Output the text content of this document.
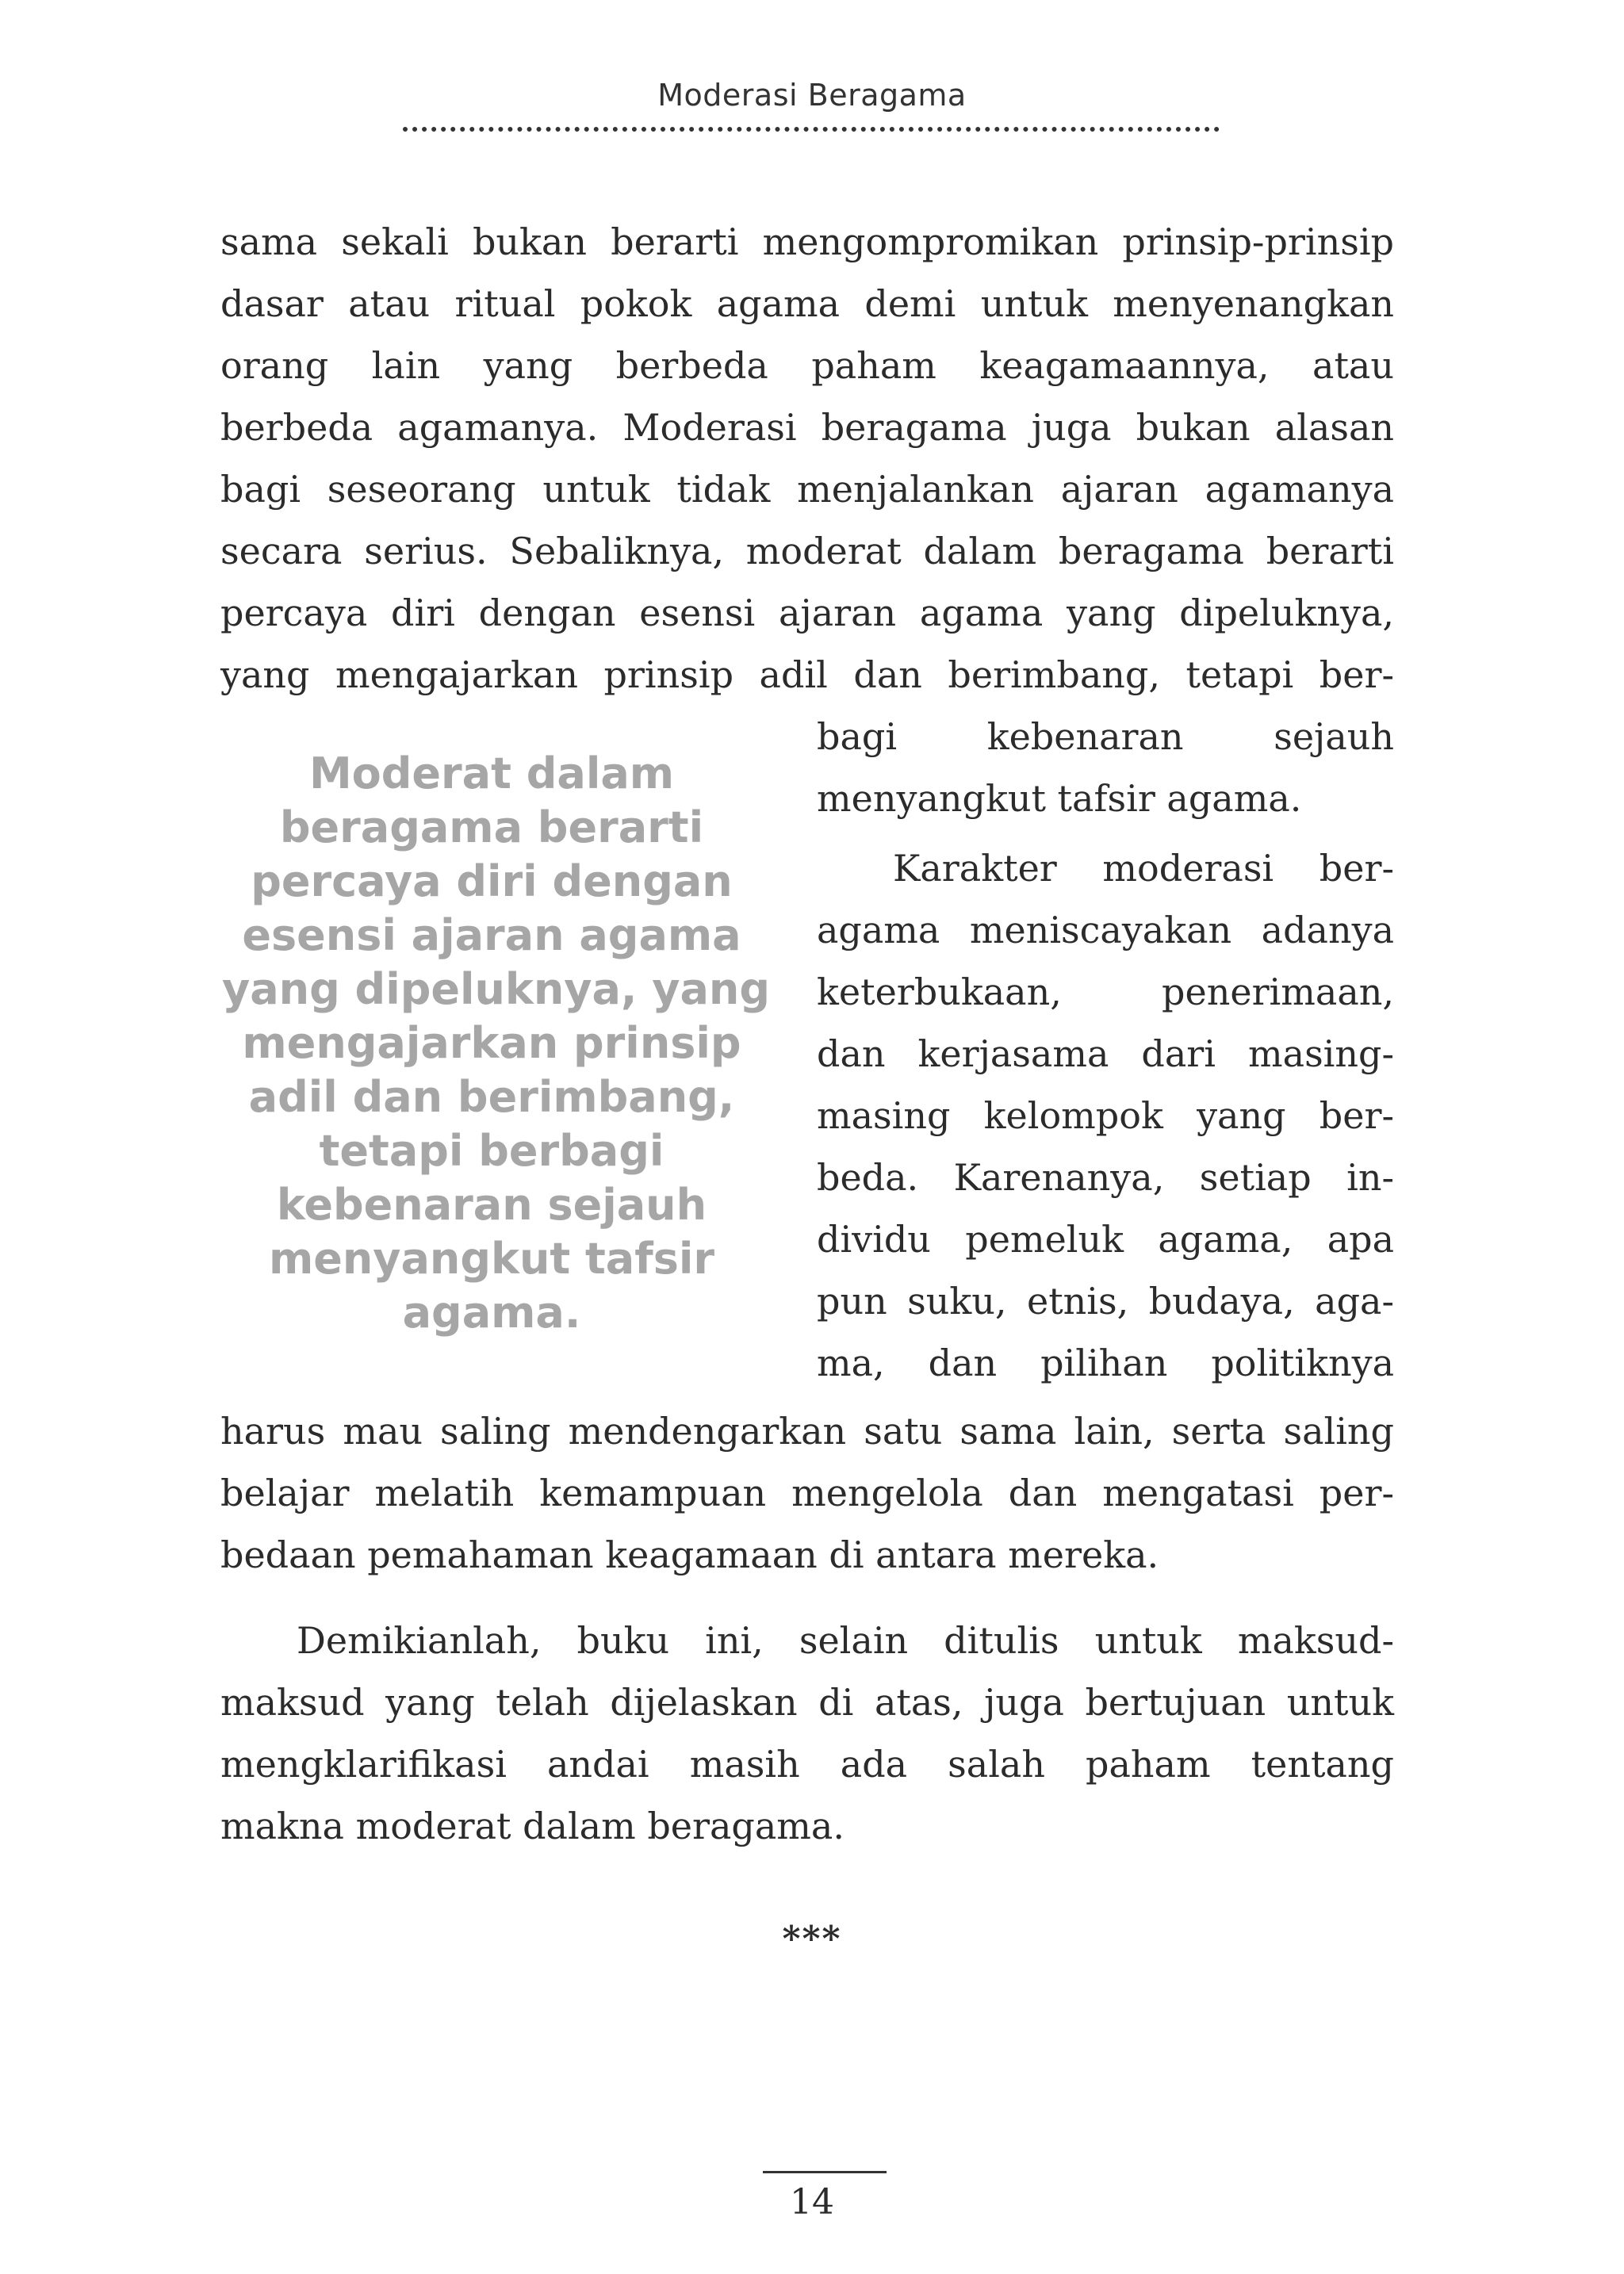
Moderasi Beragama
sama sekali bukan berarti mengompromikan prinsip-prinsip
dasar atau ritual pokok agama demi untuk menyenangkan
orang lain yang berbeda paham keagamaannya, atau
berbeda agamanya. Moderasi beragama juga bukan alasan
bagi seseorang untuk tidak menjalankan ajaran agamanya
secara serius. Sebaliknya, moderat dalam beragama berarti
percaya diri dengan esensi ajaran agama yang dipeluknya,
yang mengajarkan prinsip adil dan berimbang, tetapi ber-
Moderat dalam
beragama berarti
percaya diri dengan
esensi ajaran agama
yang dipeluknya, yang
mengajarkan prinsip
adil dan berimbang,
tetapi berbagi
kebenaran sejauh
menyangkut tafsir
agama.
bagi kebenaran sejauh
menyangkut tafsir agama.
Karakter moderasi ber-
agama meniscayakan adanya
keterbukaan, penerimaan,
dan kerjasama dari masing-
masing kelompok yang ber-
beda. Karenanya, setiap in-
dividu pemeluk agama, apa
pun suku, etnis, budaya, aga-
ma, dan pilihan politiknya
harus mau saling mendengarkan satu sama lain, serta saling
belajar melatih kemampuan mengelola dan mengatasi per-
bedaan pemahaman keagamaan di antara mereka.
Demikianlah, buku ini, selain ditulis untuk maksud-
maksud yang telah dijelaskan di atas, juga bertujuan untuk
mengklarifikasi andai masih ada salah paham tentang
makna moderat dalam beragama.
***
14
